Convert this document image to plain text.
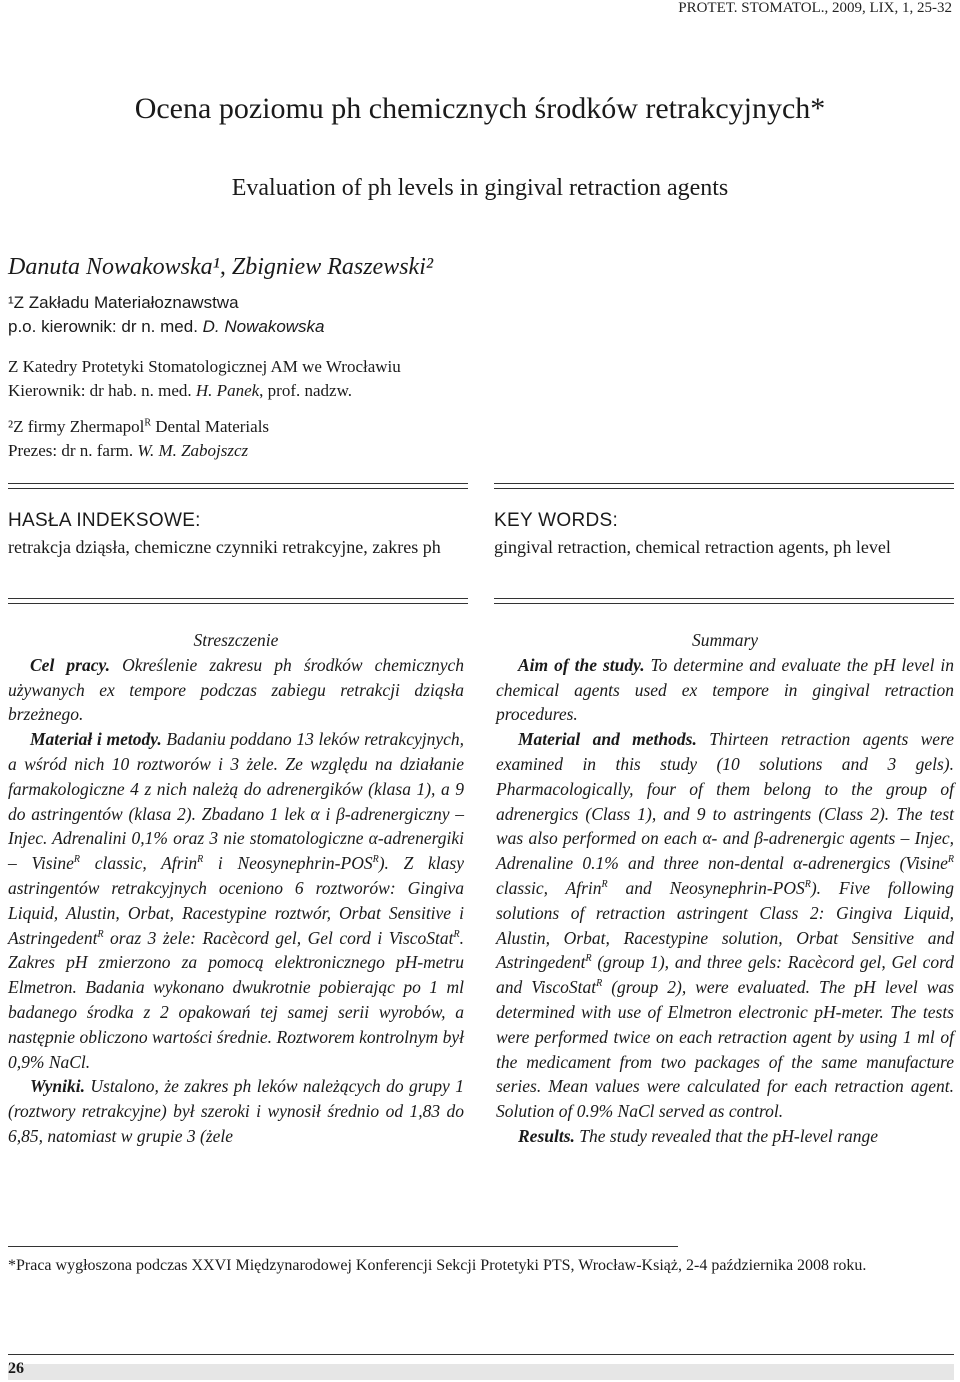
PROTET. STOMATOL., 2009, LIX, 1, 25-32
Ocena poziomu ph chemicznych środków retrakcyjnych*
Evaluation of ph levels in gingival retraction agents
Danuta Nowakowska¹, Zbigniew Raszewski²
¹Z Zakładu Materiałoznawstwa
p.o. kierownik: dr n. med. D. Nowakowska
Z Katedry Protetyki Stomatologicznej AM we Wrocławiu
Kierownik: dr hab. n. med. H. Panek, prof. nadzw.
²Z firmy Zhermapol$^R$ Dental Materials
Prezes: dr n. farm. W. M. Zabojszcz
HASŁA INDEKSOWE:
retrakcja dziąsła, chemiczne czynniki retrakcyjne, zakres ph
KEY WORDS:
gingival retraction, chemical retraction agents, ph level

Streszczenie

Cel pracy. Określenie zakresu ph środków chemicznych używanych ex tempore podczas zabiegu retrakcji dziąsła brzeżnego.

Materiał i metody. Badaniu poddano 13 leków retrakcyjnych, a wśród nich 10 roztworów i 3 żele. Ze względu na działanie farmakologiczne 4 z nich należą do adrenergików (klasa 1), a 9 do astringentów (klasa 2). Zbadano 1 lek α i β-adrenergiczny – Injec. Adrenalini 0,1% oraz 3 nie stomatologiczne α-adrenergiki – Visine$^R$ classic, Afrin$^R$ i Neosynephrin-$POS^R$). Z klasy astringentów retrakcyjnych oceniono 6 roztworów: Gingiva Liquid, Alustin, Orbat, Racestypine roztwór, Orbat Sensitive i Astringedent$^R$ oraz 3 żele: Racècord gel, Gel cord i ViscoStat$^R$. Zakres pH zmierzono za pomocą elektronicznego pH-metru Elmetron. Badania wykonano dwukrotnie pobierając po 1 ml badanego środka z 2 opakowań tej samej serii wyrobów, a następnie obliczono wartości średnie. Roztworem kontrolnym był 0,9% NaCl.

Wyniki. Ustalono, że zakres ph leków należących do grupy 1 (roztwory retrakcyjne) był szeroki i wynosił średnio od 1,83 do 6,85, natomiast w grupie 3 (żele

Summary

Aim of the study. To determine and evaluate the pH level in chemical agents used ex tempore in gingival retraction procedures.

Material and methods. Thirteen retraction agents were examined in this study (10 solutions and 3 gels). Pharmacologically, four of them belong to the group of adrenergics (Class 1), and 9 to astringents (Class 2). The test was also performed on each α- and β-adrenergic agents – Injec, Adrenaline 0.1% and three non-dental α-adrenergics (Visine$^R$ classic, Afrin$^R$ and Neosynephrin-$POS^R$). Five following solutions of retraction astringent Class 2: Gingiva Liquid, Alustin, Orbat, Racestypine solution, Orbat Sensitive and Astringedent$^R$ (group 1), and three gels: Racècord gel, Gel cord and ViscoStat$^R$ (group 2), were evaluated. The pH level was determined with use of Elmetron electronic pH-meter. The tests were performed twice on each retraction agent by using 1 ml of the medicament from two packages of the same manufacture series. Mean values were calculated for each retraction agent. Solution of 0.9% NaCl served as control.

Results. The study revealed that the pH-level range

*Praca wygłoszona podczas XXVI Międzynarodowej Konferencji Sekcji Protetyki PTS, Wrocław-Książ, 2-4 października 2008 roku.
26
